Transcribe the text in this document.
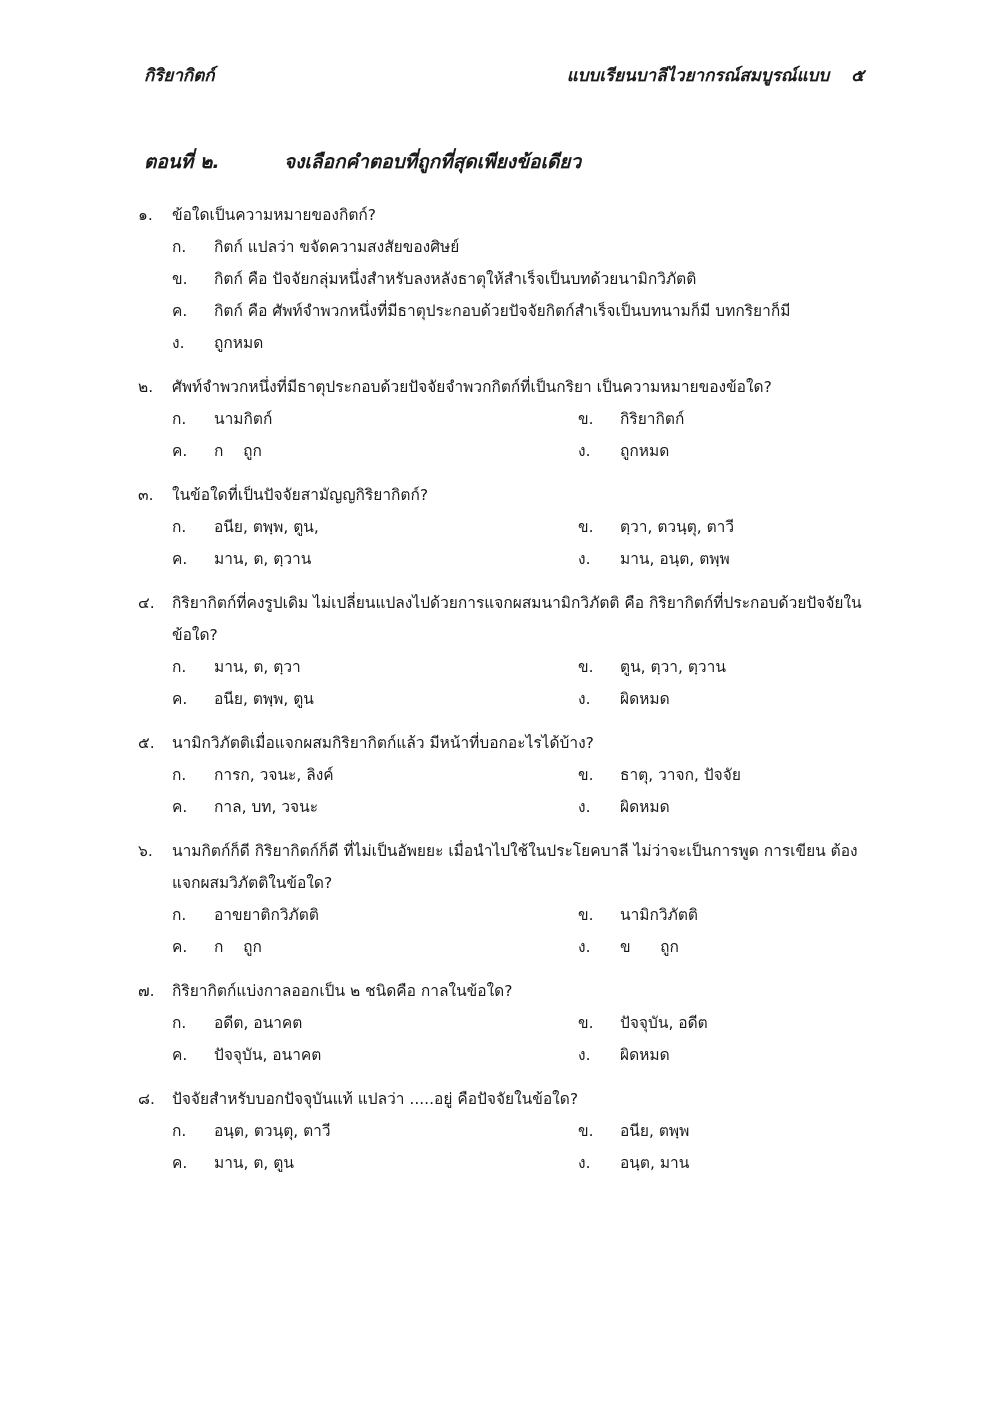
กิริยากิตก์	แบบเรียนบาลีไวยากรณ์สมบูรณ์แบบ ๕
ตอนที่ ๒.	จงเลือกคำตอบที่ถูกที่สุดเพียงข้อเดียว
๑.	ข้อใดเป็นความหมายของกิตก์?
ก.	กิตก์ แปลว่า ขจัดความสงสัยของศิษย์
ข.	กิตก์ คือ ปัจจัยกลุ่มหนึ่งสำหรับลงหลังธาตุให้สำเร็จเป็นบทด้วยนามิกวิภัตติ
ค.	กิตก์ คือ ศัพท์จำพวกหนึ่งที่มีธาตุประกอบด้วยปัจจัยกิตก์สำเร็จเป็นบทนามก็มี บทกริยาก็มี
ง.	ถูกหมด
๒.	ศัพท์จำพวกหนึ่งที่มีธาตุประกอบด้วยปัจจัยจำพวกกิตก์ที่เป็นกริยา เป็นความหมายของข้อใด?
ก.	นามกิตก์	ข.	กิริยากิตก์
ค.	ก    ถูก	ง.	ถูกหมด
๓.	ในข้อใดที่เป็นปัจจัยสามัญญกิริยากิตก์?
ก.	อนีย, ตพฺพ, ตูน,	ข.	ตฺวา, ตวนฺตุ, ตาวี
ค.	มาน, ต, ตฺวาน	ง.	มาน, อนฺต, ตพฺพ
๔.	กิริยากิตก์ที่คงรูปเดิม ไม่เปลี่ยนแปลงไปด้วยการแจกผสมนามิกวิภัตติ คือ กิริยากิตก์ที่ประกอบด้วยปัจจัยในข้อใด?
ก.	มาน, ต, ตฺวา	ข.	ตูน, ตฺวา, ตฺวาน
ค.	อนีย, ตพฺพ, ตูน	ง.	ผิดหมด
๕.	นามิกวิภัตติเมื่อแจกผสมกิริยากิตก์แล้ว มีหน้าที่บอกอะไรได้บ้าง?
ก.	การก, วจนะ, ลิงค์	ข.	ธาตุ, วาจก, ปัจจัย
ค.	กาล, บท, วจนะ	ง.	ผิดหมด
๖.	นามกิตก์ก็ดี กิริยากิตก์ก็ดี ที่ไม่เป็นอัพยยะ เมื่อนำไปใช้ในประโยคบาลี ไม่ว่าจะเป็นการพูด การเขียน ต้องแจกผสมวิภัตติในข้อใด?
ก.	อาขยาติกวิภัตติ	ข.	นามิกวิภัตติ
ค.	ก    ถูก	ง.	ข      ถูก
๗.	กิริยากิตก์แบ่งกาลออกเป็น ๒ ชนิดคือ กาลในข้อใด?
ก.	อดีต, อนาคต	ข.	ปัจจุบัน, อดีต
ค.	ปัจจุบัน, อนาคต	ง.	ผิดหมด
๘.	ปัจจัยสำหรับบอกปัจจุบันแท้ แปลว่า .....อยู่ คือปัจจัยในข้อใด?
ก.	อนฺต, ตวนฺตุ, ตาวี	ข.	อนีย, ตพฺพ
ค.	มาน, ต, ตูน	ง.	อนฺต, มาน
